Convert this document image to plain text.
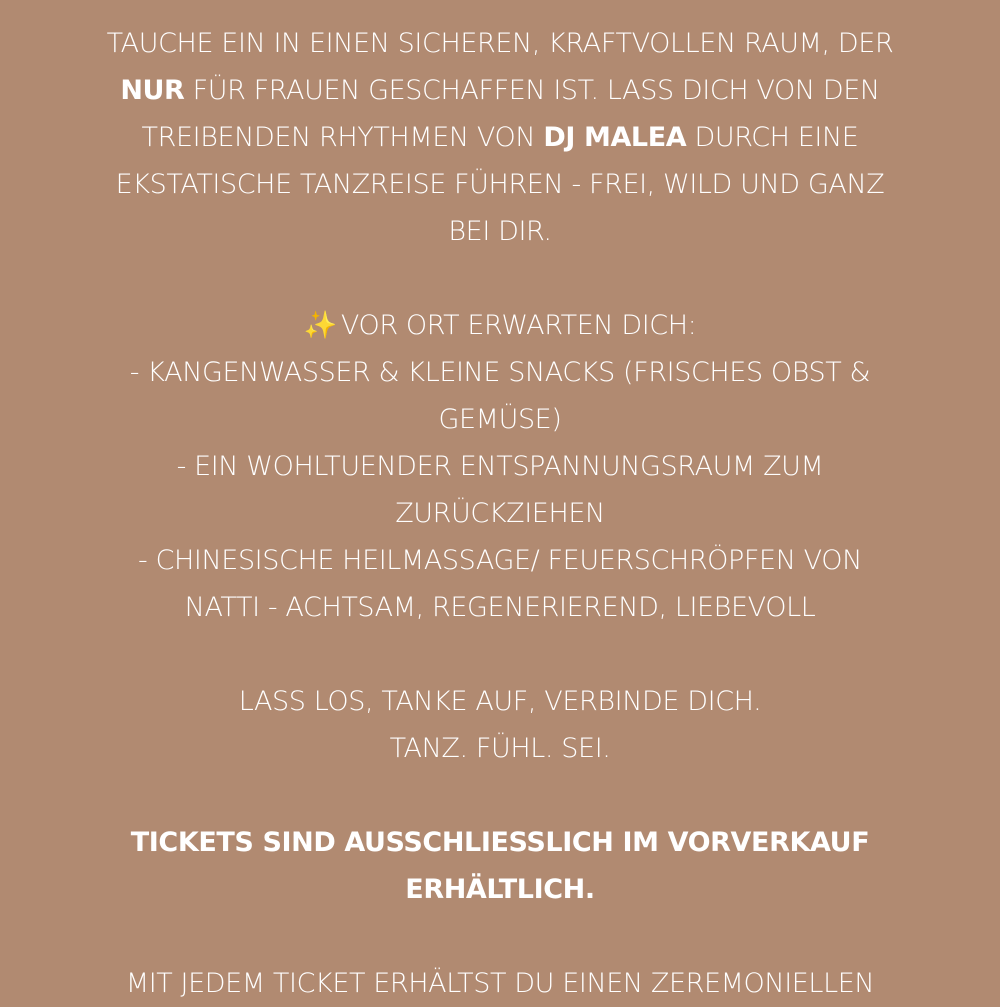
TAUCHE EIN IN EINEN SICHEREN, KRAFTVOLLEN RAUM, DER
NUR FÜR FRAUEN GESCHAFFEN IST. LASS DICH VON DEN
TREIBENDEN RHYTHMEN VON DJ MALEA DURCH EINE
EKSTATISCHE TANZREISE FÜHREN - FREI, WILD UND GANZ
BEI DIR.
✨ VOR ORT ERWARTEN DICH:
- KANGENWASSER & KLEINE SNACKS (FRISCHES OBST &
GEMÜSE)
- EIN WOHLTUENDER ENTSPANNUNGSRAUM ZUM
ZURÜCKZIEHEN
- CHINESISCHE HEILMASSAGE/ FEUERSCHRÖPFEN VON
NATTI - ACHTSAM, REGENERIEREND, LIEBEVOLL
LASS LOS, TANKE AUF, VERBINDE DICH.
TANZ. FÜHL. SEI.
TICKETS SIND AUSSCHLIESSLICH IM VORVERKAUF
ERHÄLTLICH.
MIT JEDEM TICKET ERHÄLTST DU EINEN ZEREMONIELLEN
